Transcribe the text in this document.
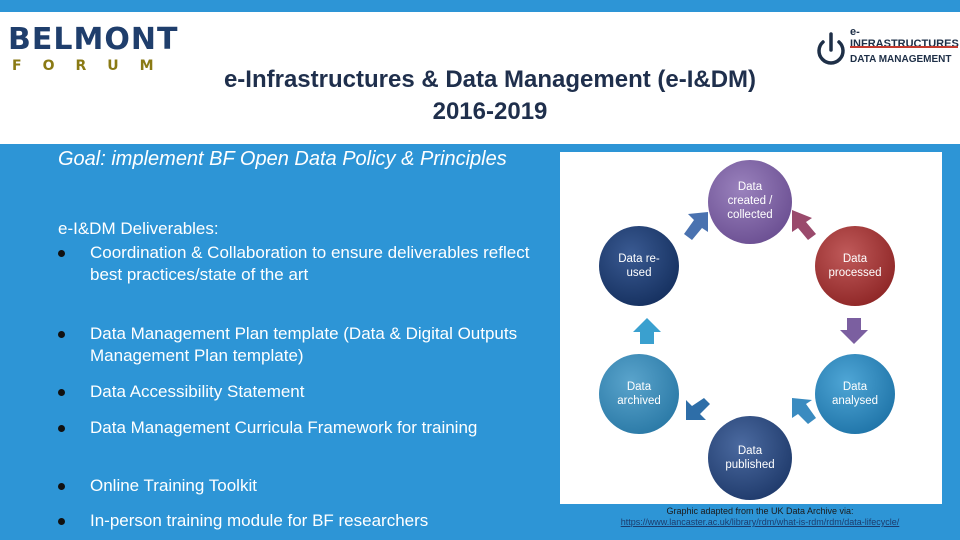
BELMONT
FORUM
e-INFRASTRUCTURES
DATA MANAGEMENT
e-Infrastructures & Data Management (e-I&DM)
2016-2019
Goal: implement BF Open Data Policy & Principles
e-I&DM Deliverables:
Coordination & Collaboration to ensure deliverables reflect best practices/state of the art
Data Management Plan template (Data & Digital Outputs Management Plan template)
Data Accessibility Statement
Data Management Curricula Framework for training
Online Training Toolkit
In-person training module for BF researchers
Data created / collected
Data processed
Data analysed
Data published
Data archived
Data re-used
Graphic adapted from the UK Data Archive via:
https://www.lancaster.ac.uk/library/rdm/what-is-rdm/rdm/data-lifecycle/
